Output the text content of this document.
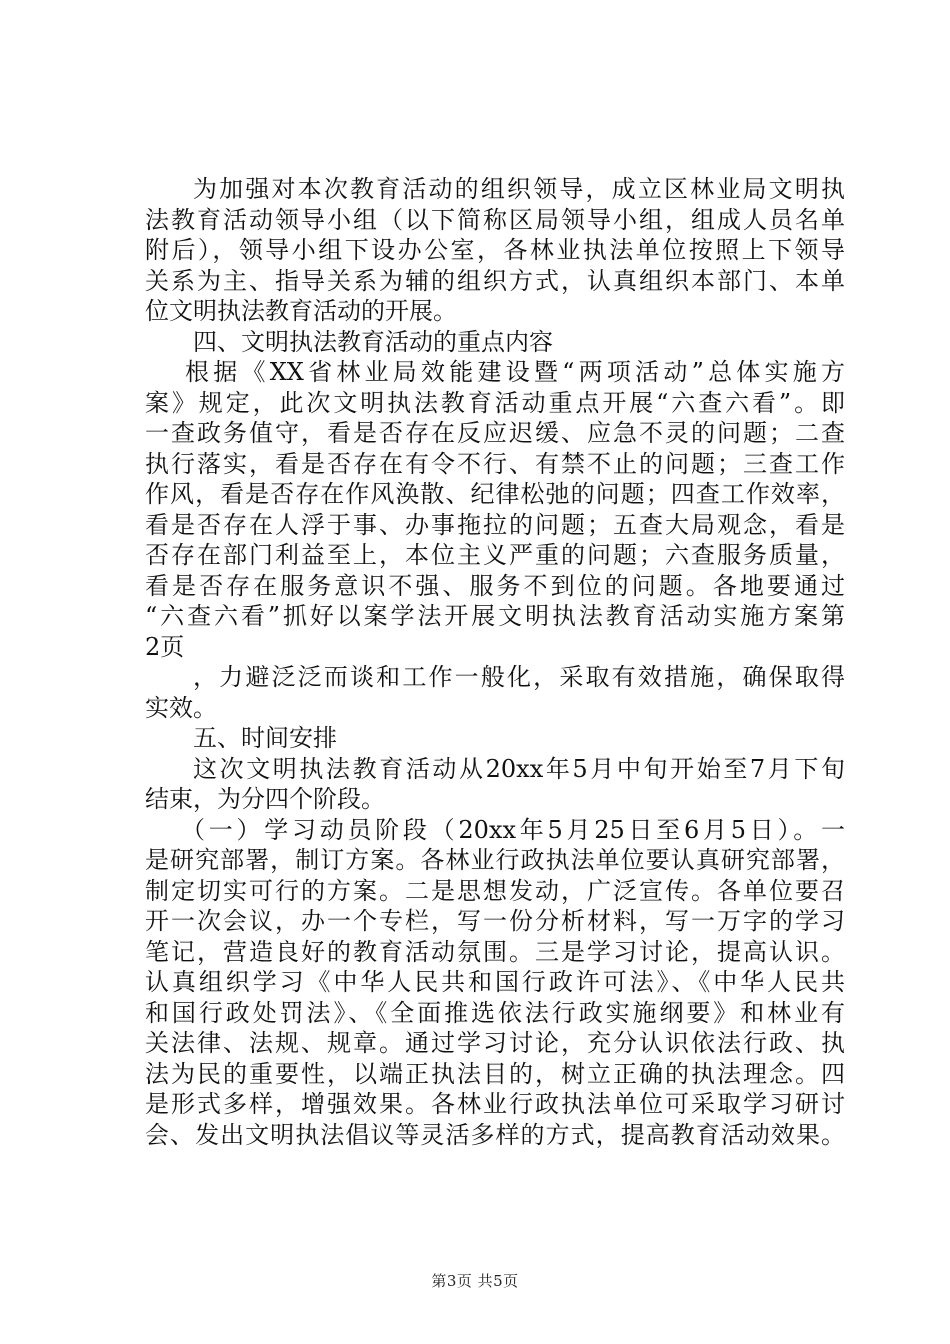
为加强对本次教育活动的组织领导，成立区林业局文明执
法教育活动领导小组（以下简称区局领导小组，组成人员名单
附后），领导小组下设办公室，各林业执法单位按照上下领导
关系为主、指导关系为辅的组织方式，认真组织本部门、本单
位文明执法教育活动的开展。
四、文明执法教育活动的重点内容
根据《XX省林业局效能建设暨“两项活动”总体实施方
案》规定，此次文明执法教育活动重点开展“六查六看”。即
一查政务值守，看是否存在反应迟缓、应急不灵的问题；二查
执行落实，看是否存在有令不行、有禁不止的问题；三查工作
作风，看是否存在作风涣散、纪律松弛的问题；四查工作效率，
看是否存在人浮于事、办事拖拉的问题；五查大局观念，看是
否存在部门利益至上，本位主义严重的问题；六查服务质量，
看是否存在服务意识不强、服务不到位的问题。各地要通过
“六查六看”抓好以案学法开展文明执法教育活动实施方案第
2页
，力避泛泛而谈和工作一般化，采取有效措施，确保取得
实效。
五、时间安排
这次文明执法教育活动从20xx年5月中旬开始至7月下旬
结束，为分四个阶段。
（一）学习动员阶段（20xx年5月25日至6月5日）。一
是研究部署，制订方案。各林业行政执法单位要认真研究部署，
制定切实可行的方案。二是思想发动，广泛宣传。各单位要召
开一次会议，办一个专栏，写一份分析材料，写一万字的学习
笔记，营造良好的教育活动氛围。三是学习讨论，提高认识。
认真组织学习《中华人民共和国行政许可法》、《中华人民共
和国行政处罚法》、《全面推选依法行政实施纲要》和林业有
关法律、法规、规章。通过学习讨论，充分认识依法行政、执
法为民的重要性，以端正执法目的，树立正确的执法理念。四
是形式多样，增强效果。各林业行政执法单位可采取学习研讨
会、发出文明执法倡议等灵活多样的方式，提高教育活动效果。
第3页 共5页
